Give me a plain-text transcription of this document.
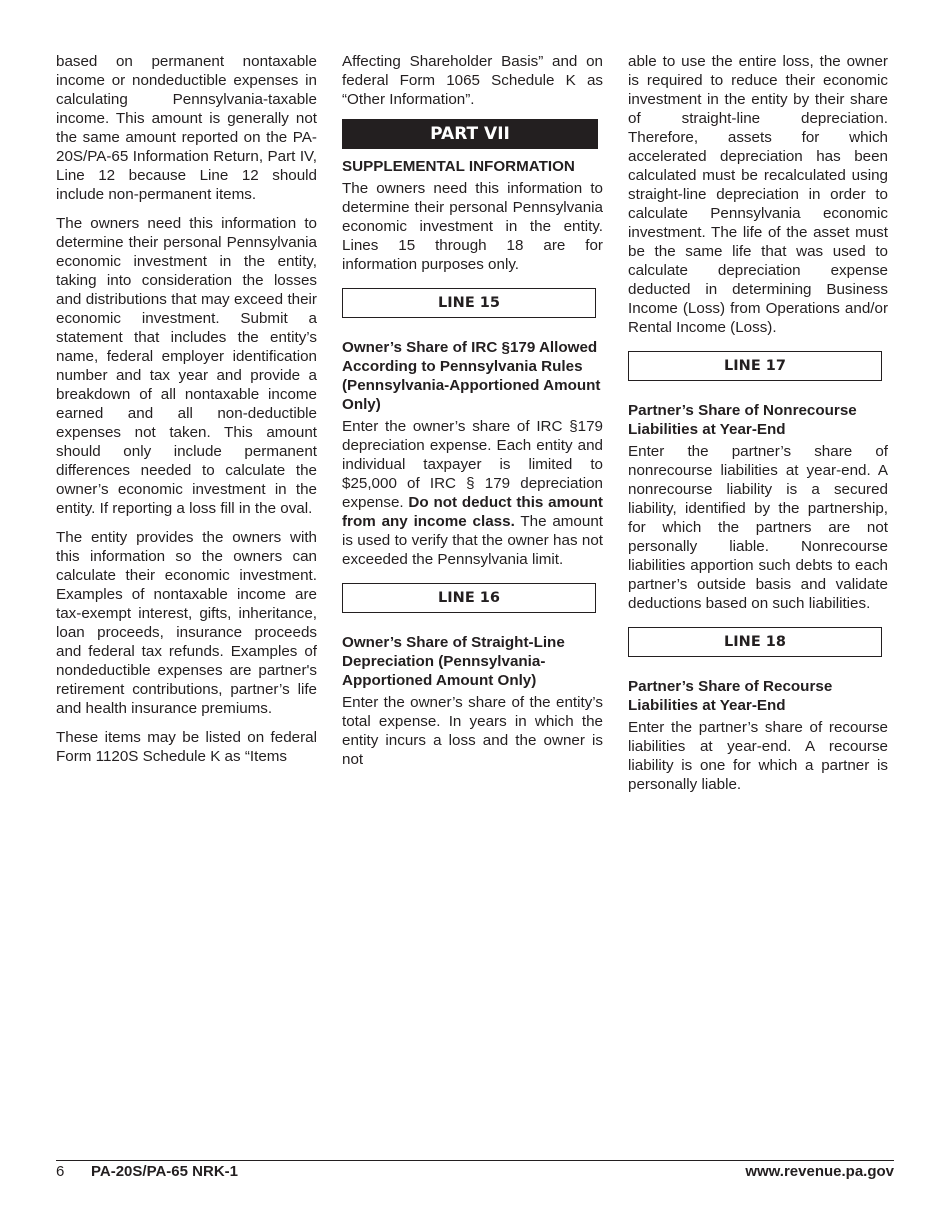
based on permanent nontaxable income or nondeductible expenses in calculating Pennsylvania-taxable income. This amount is generally not the same amount reported on the PA-20S/PA-65 Information Return, Part IV, Line 12 because Line 12 should include non-permanent items.

The owners need this information to determine their personal Pennsylvania economic investment in the entity, taking into consideration the losses and distributions that may exceed their economic investment. Submit a statement that includes the entity’s name, federal employer identification number and tax year and provide a breakdown of all nontaxable income earned and all non-deductible expenses not taken. This amount should only include permanent differences needed to calculate the owner’s economic investment in the entity. If reporting a loss fill in the oval.

The entity provides the owners with this information so the owners can calculate their economic investment. Examples of nontaxable income are tax-exempt interest, gifts, inheritance, loan proceeds, insurance proceeds and federal tax refunds. Examples of nondeductible expenses are partner's retirement contributions, partner’s life and health insurance premiums.

These items may be listed on federal Form 1120S Schedule K as “Items

Affecting Shareholder Basis” and on federal Form 1065 Schedule K as “Other Information”.

PART VII
SUPPLEMENTAL INFORMATION

The owners need this information to determine their personal Pennsylvania economic investment in the entity. Lines 15 through 18 are for information purposes only.

LINE 15
Owner’s Share of IRC §179 Allowed According to Pennsylvania Rules (Pennsylvania-Apportioned Amount Only)

Enter the owner’s share of IRC §179 depreciation expense. Each entity and individual taxpayer is limited to $25,000 of IRC § 179 depreciation expense. Do not deduct this amount from any income class. The amount is used to verify that the owner has not exceeded the Pennsylvania limit.

LINE 16
Owner’s Share of Straight-Line Depreciation (Pennsylvania-Apportioned Amount Only)

Enter the owner’s share of the entity’s total expense. In years in which the entity incurs a loss and the owner is not

able to use the entire loss, the owner is required to reduce their economic investment in the entity by their share of straight-line depreciation. Therefore, assets for which accelerated depreciation has been calculated must be recalculated using straight-line depreciation in order to calculate Pennsylvania economic investment. The life of the asset must be the same life that was used to calculate depreciation expense deducted in determining Business Income (Loss) from Operations and/or Rental Income (Loss).

LINE 17
Partner’s Share of Nonrecourse Liabilities at Year-End

Enter the partner’s share of nonrecourse liabilities at year-end. A nonrecourse liability is a secured liability, identified by the partnership, for which the partners are not personally liable. Nonrecourse liabilities apportion such debts to each partner’s outside basis and validate deductions based on such liabilities.

LINE 18
Partner’s Share of Recourse Liabilities at Year-End

Enter the partner’s share of recourse liabilities at year-end. A recourse liability is one for which a partner is personally liable.

6 PA-20S/PA-65 NRK-1	www.revenue.pa.gov
